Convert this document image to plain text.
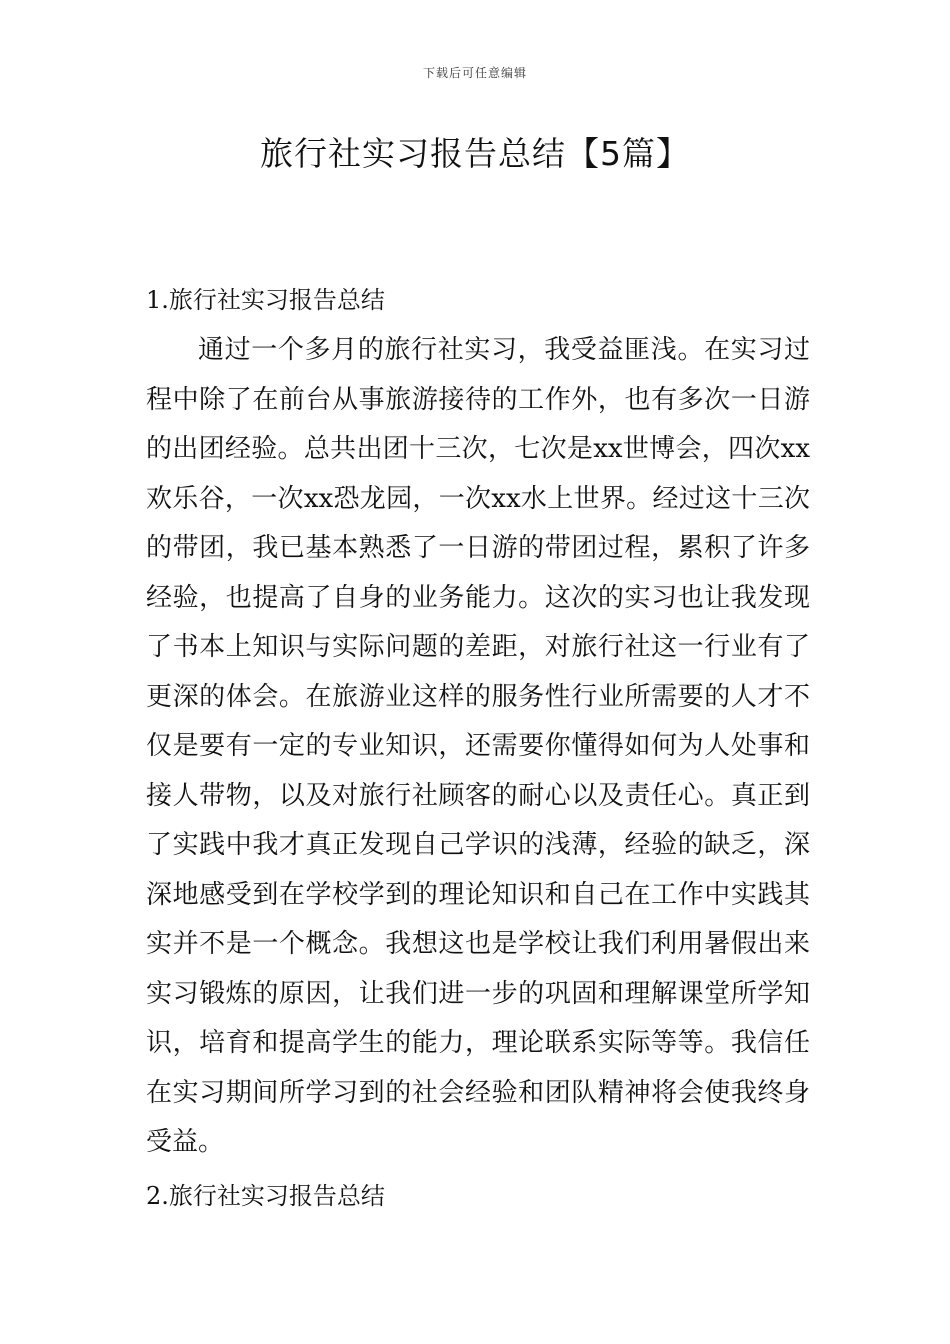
下载后可任意编辑
旅行社实习报告总结【5篇】

1.旅行社实习报告总结

通过一个多月的旅行社实习，我受益匪浅。在实习过程中除了在前台从事旅游接待的工作外，也有多次一日游的出团经验。总共出团十三次，七次是xx世博会，四次xx欢乐谷，一次xx恐龙园，一次xx水上世界。经过这十三次的带团，我已基本熟悉了一日游的带团过程，累积了许多经验，也提高了自身的业务能力。这次的实习也让我发现了书本上知识与实际问题的差距，对旅行社这一行业有了更深的体会。在旅游业这样的服务性行业所需要的人才不仅是要有一定的专业知识，还需要你懂得如何为人处事和接人带物，以及对旅行社顾客的耐心以及责任心。真正到了实践中我才真正发现自己学识的浅薄，经验的缺乏，深深地感受到在学校学到的理论知识和自己在工作中实践其实并不是一个概念。我想这也是学校让我们利用暑假出来实习锻炼的原因，让我们进一步的巩固和理解课堂所学知识，培育和提高学生的能力，理论联系实际等等。我信任在实习期间所学习到的社会经验和团队精神将会使我终身受益。

2.旅行社实习报告总结
